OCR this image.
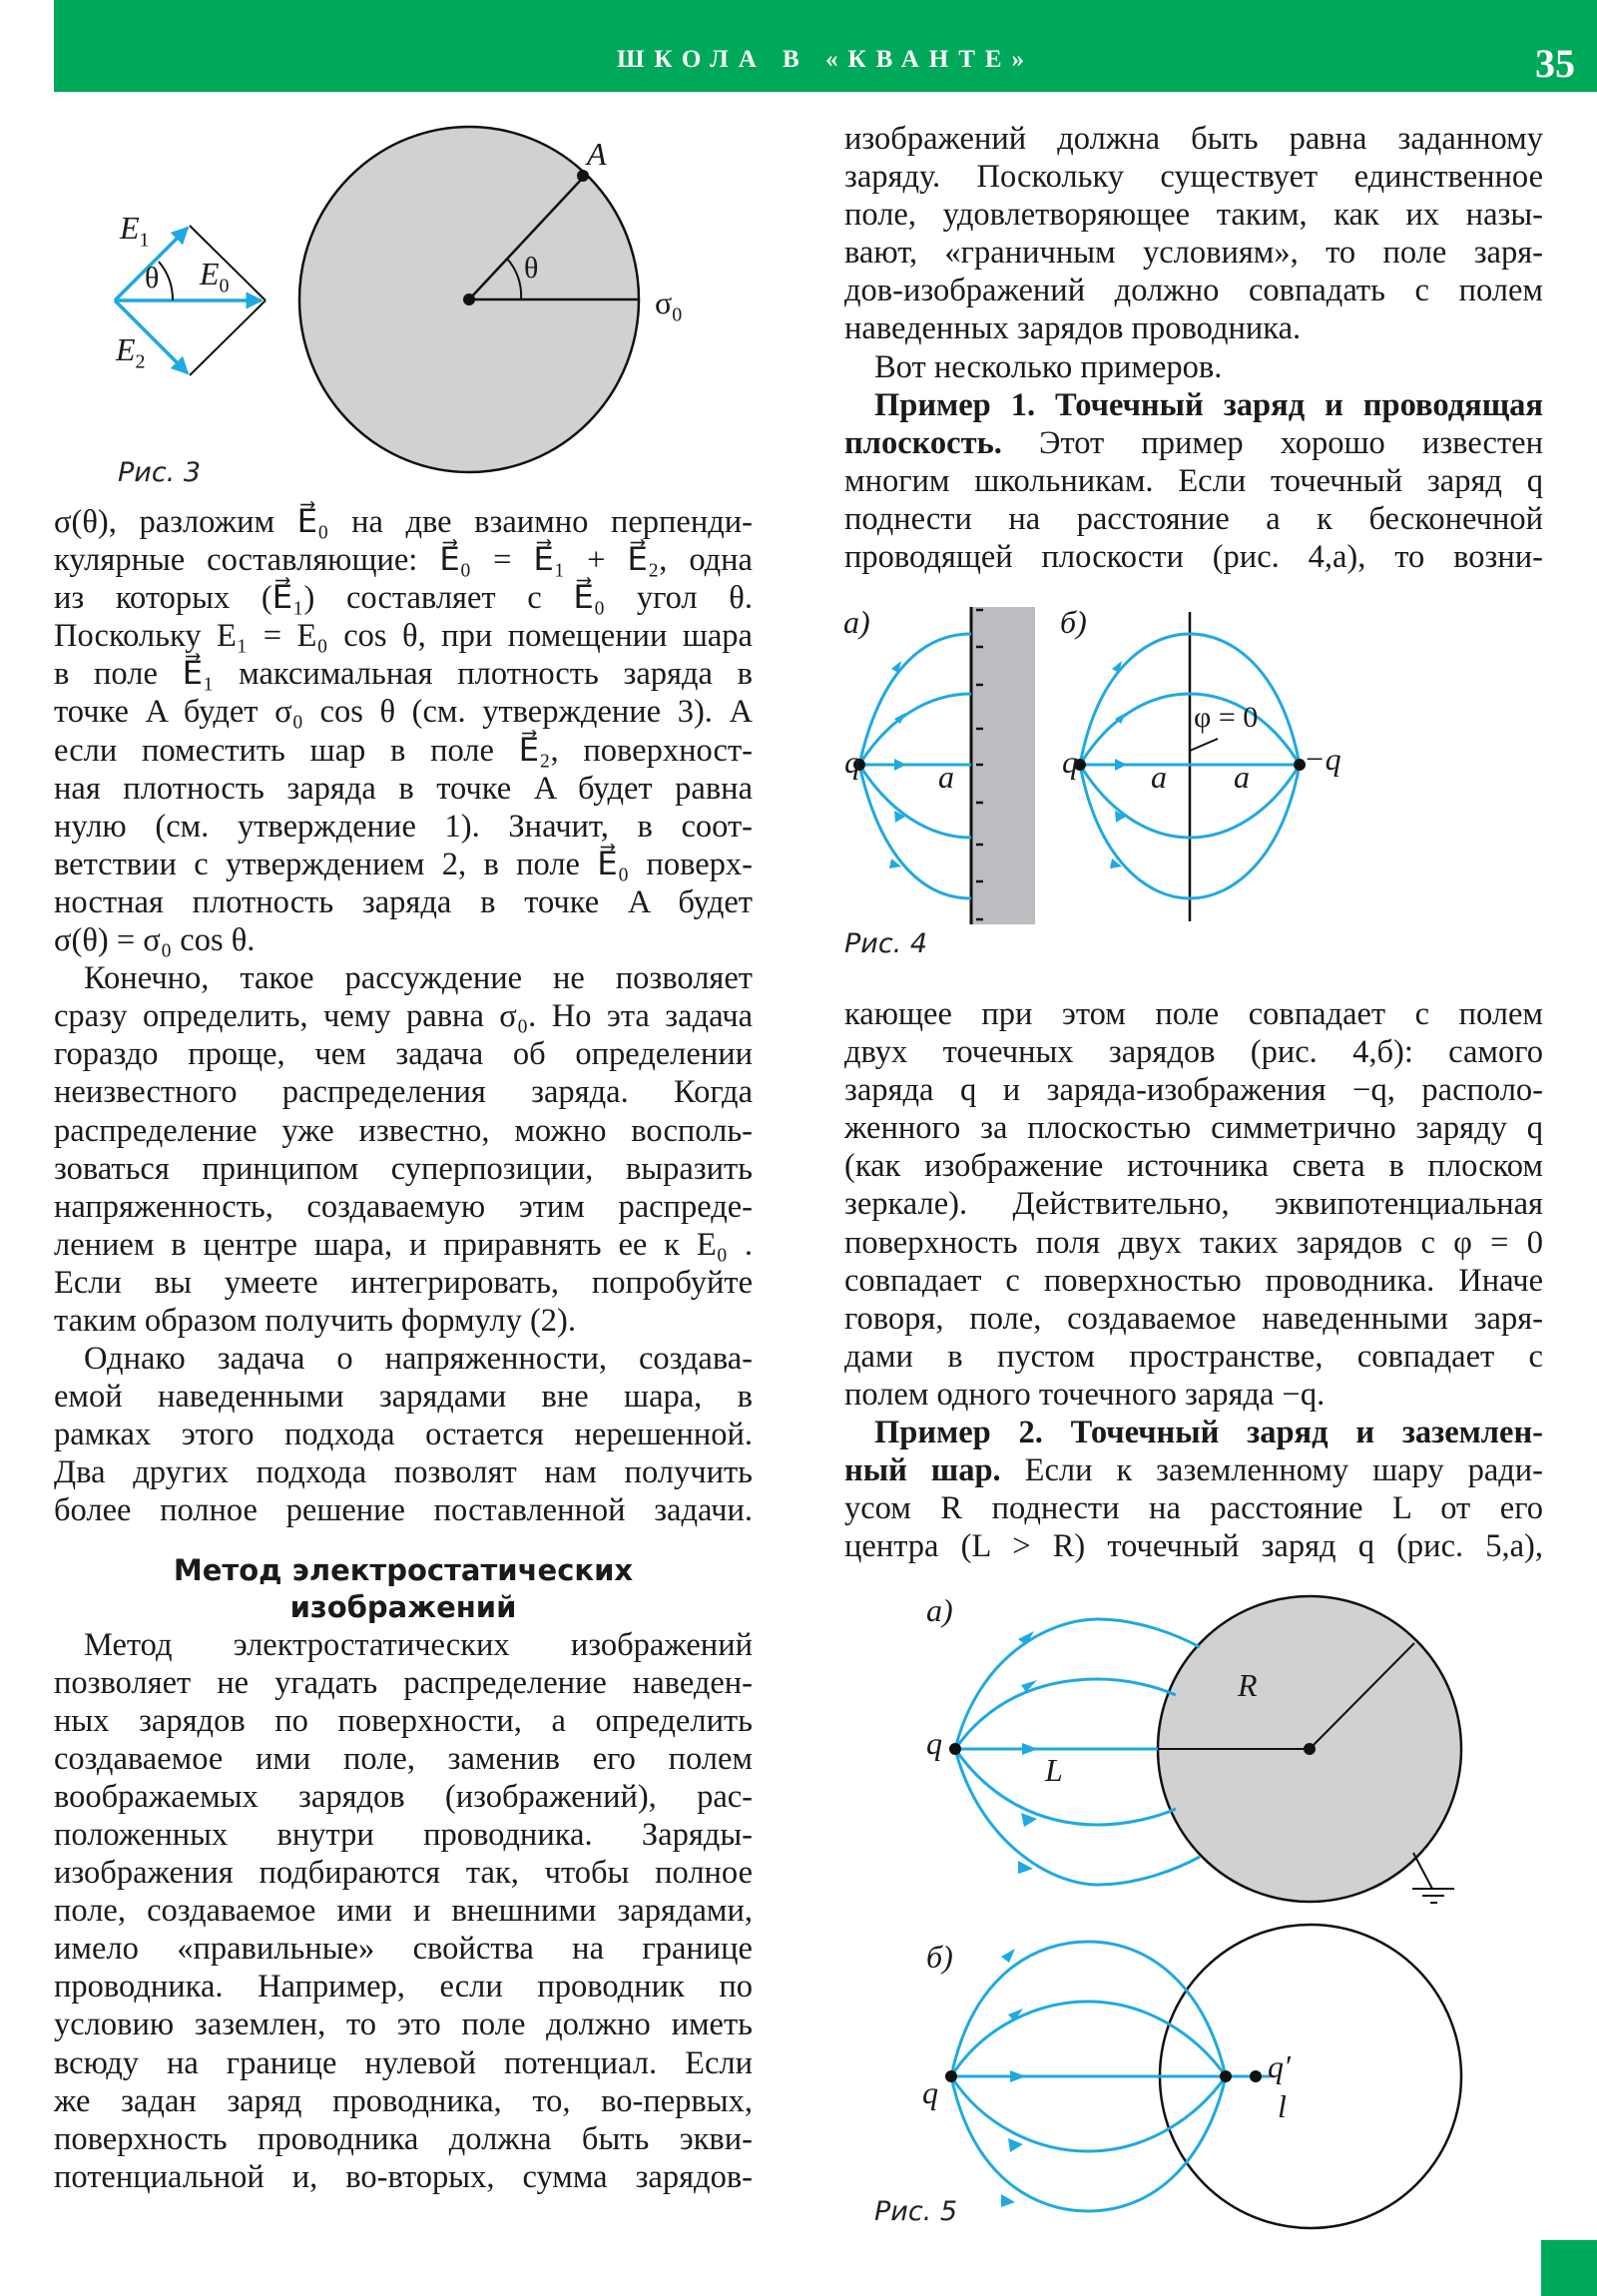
ШКОЛА В «КВАНТЕ»	35
$E_1$
$E_2$
$E_0$
θ	θ
A
$\sigma_0$
Рис. 3
σ(θ), разложим E⃗₀ на две взаимно перпенди-
кулярные составляющие: E⃗₀ = E⃗₁ + E⃗₂, одна
из которых (E⃗₁) составляет с E⃗₀ угол θ.
Поскольку E₁ = E₀ cos θ, при помещении шара
в поле E⃗₁ максимальная плотность заряда в
точке A будет σ₀ cos θ (см. утверждение 3). А
если поместить шар в поле E⃗₂, поверхност-
ная плотность заряда в точке A будет равна
нулю (см. утверждение 1). Значит, в соот-
ветствии с утверждением 2, в поле E⃗₀ поверх-
ностная плотность заряда в точке A будет
σ(θ) = σ₀ cos θ.
Конечно, такое рассуждение не позволяет
сразу определить, чему равна σ₀. Но эта задача
гораздо проще, чем задача об определении
неизвестного распределения заряда. Когда
распределение уже известно, можно восполь-
зоваться принципом суперпозиции, выразить
напряженность, создаваемую этим распреде-
лением в центре шара, и приравнять ее к E₀ .
Если вы умеете интегрировать, попробуйте
таким образом получить формулу (2).
Однако задача о напряженности, создава-
емой наведенными зарядами вне шара, в
рамках этого подхода остается нерешенной.
Два других подхода позволят нам получить
более полное решение поставленной задачи.
Метод электростатических
изображений
Метод электростатических изображений
позволяет не угадать распределение наведен-
ных зарядов по поверхности, а определить
создаваемое ими поле, заменив его полем
воображаемых зарядов (изображений), рас-
положенных внутри проводника. Заряды-
изображения подбираются так, чтобы полное
поле, создаваемое ими и внешними зарядами,
имело «правильные» свойства на границе
проводника. Например, если проводник по
условию заземлен, то это поле должно иметь
всюду на границе нулевой потенциал. Если
же задан заряд проводника, то, во-первых,
поверхность проводника должна быть экви-
потенциальной и, во-вторых, сумма зарядов-
изображений должна быть равна заданному
заряду. Поскольку существует единственное
поле, удовлетворяющее таким, как их назы-
вают, «граничным условиям», то поле заря-
дов-изображений должно совпадать с полем
наведенных зарядов проводника.
Вот несколько примеров.
Пример 1. Точечный заряд и проводящая
плоскость. Этот пример хорошо известен
многим школьникам. Если точечный заряд q
поднести на расстояние a к бесконечной
проводящей плоскости (рис. 4,а), то возни-
а)
q a
б)
q a a −q
φ = 0
Рис. 4
кающее при этом поле совпадает с полем
двух точечных зарядов (рис. 4,б): самого
заряда q и заряда-изображения −q, располо-
женного за плоскостью симметрично заряду q
(как изображение источника света в плоском
зеркале). Действительно, эквипотенциальная
поверхность поля двух таких зарядов с φ = 0
совпадает с поверхностью проводника. Иначе
говоря, поле, создаваемое наведенными заря-
дами в пустом пространстве, совпадает с
полем одного точечного заряда −q.
Пример 2. Точечный заряд и заземлен-
ный шар. Если к заземленному шару ради-
усом R поднести на расстояние L от его
центра (L > R) точечный заряд q (рис. 5,а),
а)
q
L
R
б)
q
q′
l
Рис. 5
